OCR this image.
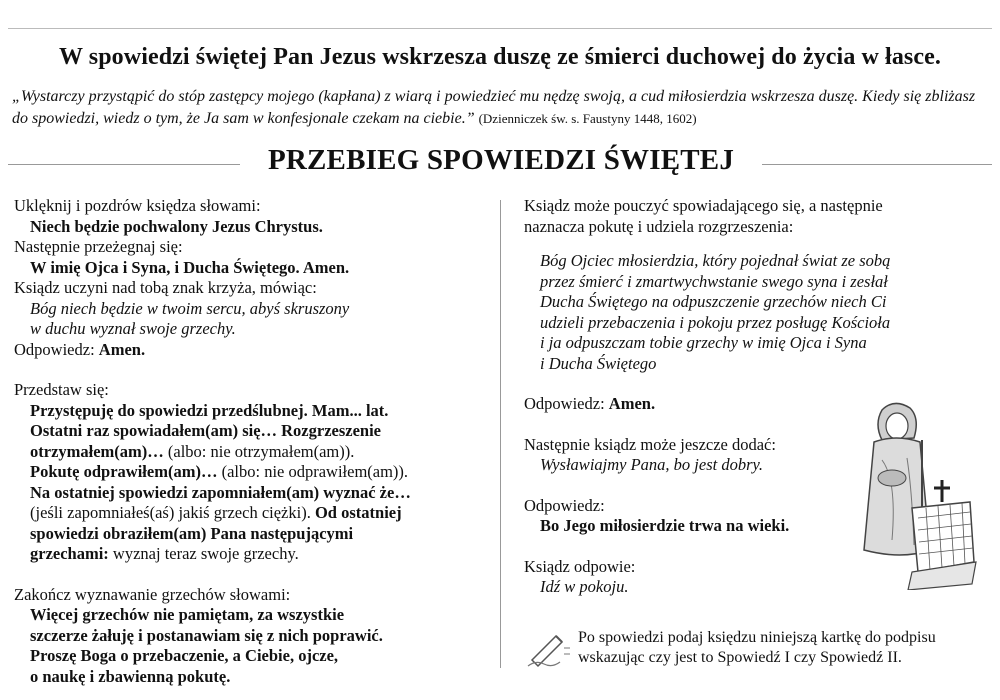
W spowiedzi świętej Pan Jezus wskrzesza duszę ze śmierci duchowej do życia w łasce.
„Wystarczy przystąpić do stóp zastępcy mojego (kapłana) z wiarą i powiedzieć mu nędzę swoją, a cud miłosierdzia wskrzesza duszę. Kiedy się zbliżasz do spowiedzi, wiedz o tym, że Ja sam w konfesjonale czekam na ciebie.” (Dzienniczek św. s. Faustyny 1448, 1602)
PRZEBIEG SPOWIEDZI ŚWIĘTEJ

Uklęknij i pozdrów księdza słowami:

Niech będzie pochwalony Jezus Chrystus.

Następnie przeżegnaj się:

W imię Ojca i Syna, i Ducha Świętego. Amen.

Ksiądz uczyni nad tobą znak krzyża, mówiąc:

Bóg niech będzie w twoim sercu, abyś skruszony

w duchu wyznał swoje grzechy.

Odpowiedz: Amen.

Przedstaw się:

Przystępuję do spowiedzi przedślubnej. Mam... lat.

Ostatni raz spowiadałem(am) się… Rozgrzeszenie

otrzymałem(am)… (albo: nie otrzymałem(am)).

Pokutę odprawiłem(am)… (albo: nie odprawiłem(am)).

Na ostatniej spowiedzi zapomniałem(am) wyznać że…

(jeśli zapomniałeś(aś) jakiś grzech ciężki). Od ostatniej

spowiedzi obraziłem(am) Pana następującymi

grzechami: wyznaj teraz swoje grzechy.

Zakończ wyznawanie grzechów słowami:

Więcej grzechów nie pamiętam, za wszystkie

szczerze żałuję i postanawiam się z nich poprawić.

Proszę Boga o przebaczenie, a Ciebie, ojcze,

o naukę i zbawienną pokutę.

Ksiądz może pouczyć spowiadającego się, a następnie

naznacza pokutę i udziela rozgrzeszenia:

Bóg Ojciec młosierdzia, który pojednał świat ze sobą

przez śmierć i zmartwychwstanie swego syna i zesłał

Ducha Świętego na odpuszczenie grzechów niech Ci

udzieli przebaczenia i pokoju przez posługę Kościoła

i ja odpuszczam tobie grzechy w imię Ojca i Syna

i Ducha Świętego

Odpowiedz: Amen.

Następnie ksiądz może jeszcze dodać:

Wysławiajmy Pana, bo jest dobry.

Odpowiedz:

Bo Jego miłosierdzie trwa na wieki.

Ksiądz odpowie:

Idź w pokoju.

Po spowiedzi podaj księdzu niniejszą kartkę do podpisu

wskazując czy jest to Spowiedź I czy Spowiedź II.
